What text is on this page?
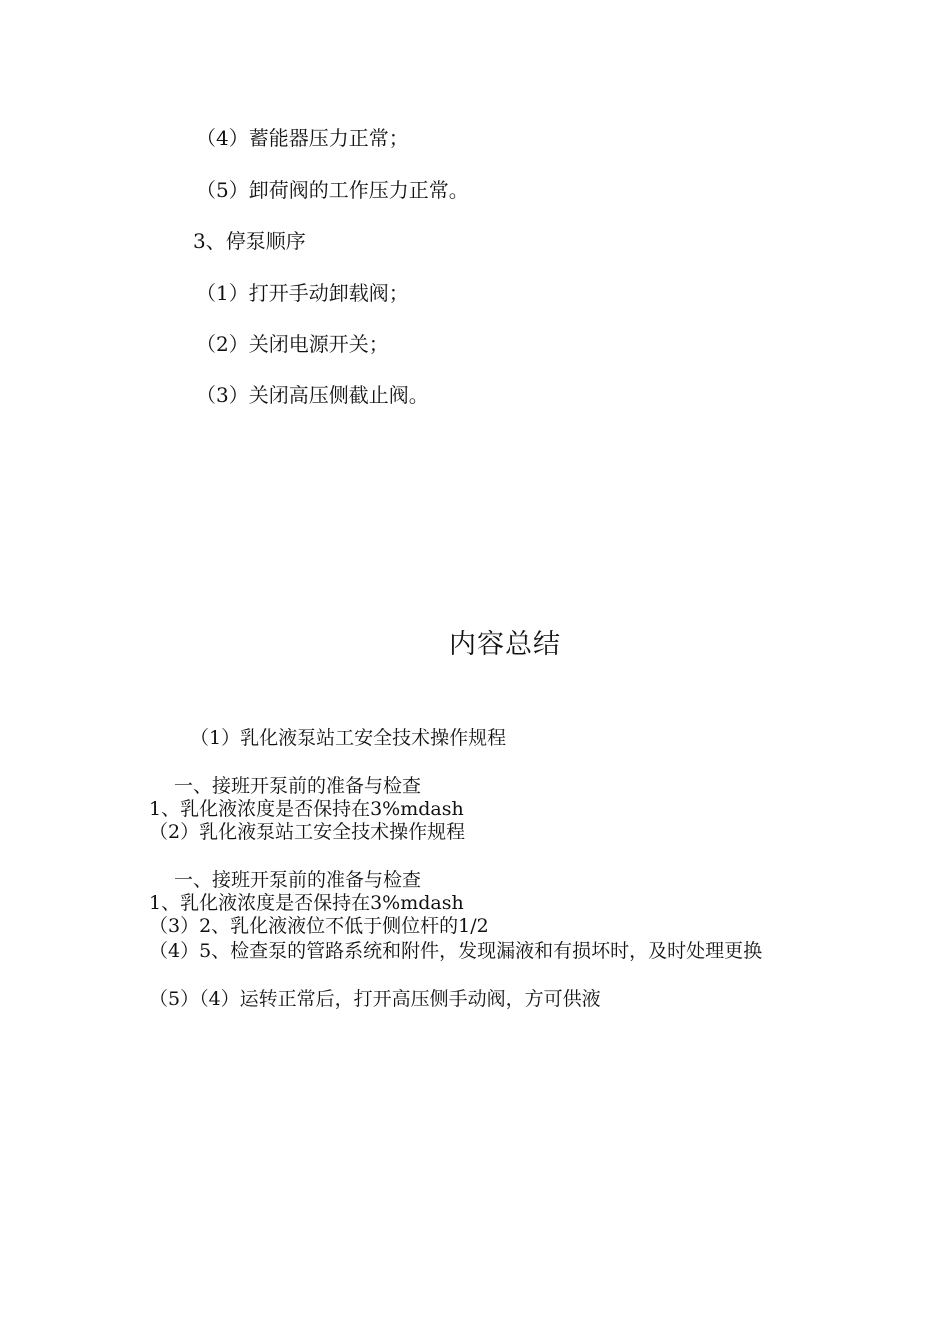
（4）蓄能器压力正常；
（5）卸荷阀的工作压力正常。
3、停泵顺序
（1）打开手动卸载阀；
（2）关闭电源开关；
（3）关闭高压侧截止阀。
内容总结
（1）乳化液泵站工安全技术操作规程
一、接班开泵前的准备与检查
1、乳化液浓度是否保持在3%mdash
（2）乳化液泵站工安全技术操作规程
一、接班开泵前的准备与检查
1、乳化液浓度是否保持在3%mdash
（3）2、乳化液液位不低于侧位杆的1/2
（4）5、检查泵的管路系统和附件，发现漏液和有损坏时，及时处理更换
（5）（4）运转正常后，打开高压侧手动阀，方可供液
